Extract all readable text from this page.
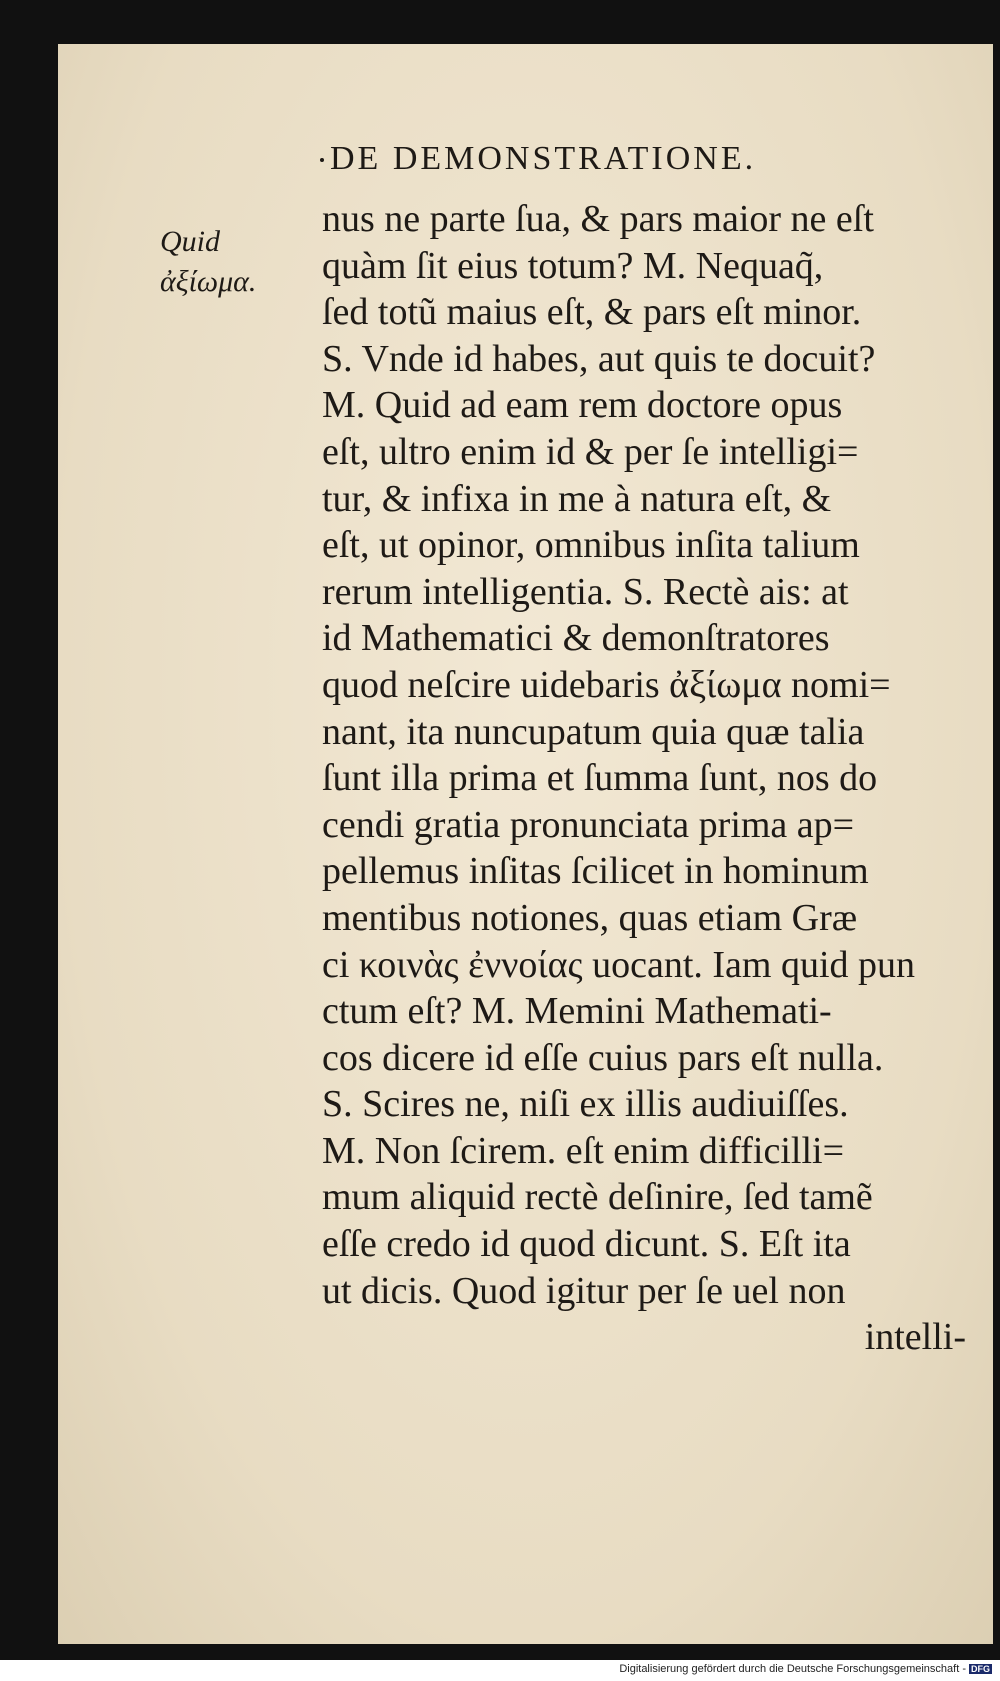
DE DEMONSTRATIONE.
Quid
ἀξίωμα.
nus ne parte ſua, & pars maior ne eſt
quàm ſit eius totum? M. Nequaq̃,
ſed totũ maius eſt, & pars eſt minor.
S. Vnde id habes, aut quis te docuit?
M. Quid ad eam rem doctore opus
eſt, ultro enim id & per ſe intelligi=
tur, & infixa in me à natura eſt, &
eſt, ut opinor, omnibus inſita talium
rerum intelligentia. S. Rectè ais: at
id Mathematici & demonſtratores
quod neſcire uidebaris ἀξίωμα nomi=
nant, ita nuncupatum quia quæ talia
ſunt illa prima et ſumma ſunt, nos do
cendi gratia pronunciata prima ap=
pellemus inſitas ſcilicet in hominum
mentibus notiones, quas etiam Græ
ci κοινὰς ἐννοίας uocant. Iam quid pun
ctum eſt? M. Memini Mathemati-
cos dicere id eſſe cuius pars eſt nulla.
S. Scires ne, niſi ex illis audiuiſſes.
M. Non ſcirem. eſt enim difficilli=
mum aliquid rectè deſinire, ſed tamẽ
eſſe credo id quod dicunt. S. Eſt ita
ut dicis. Quod igitur per ſe uel non
intelli-
Digitalisierung gefördert durch die Deutsche Forschungsgemeinschaft - DFG
